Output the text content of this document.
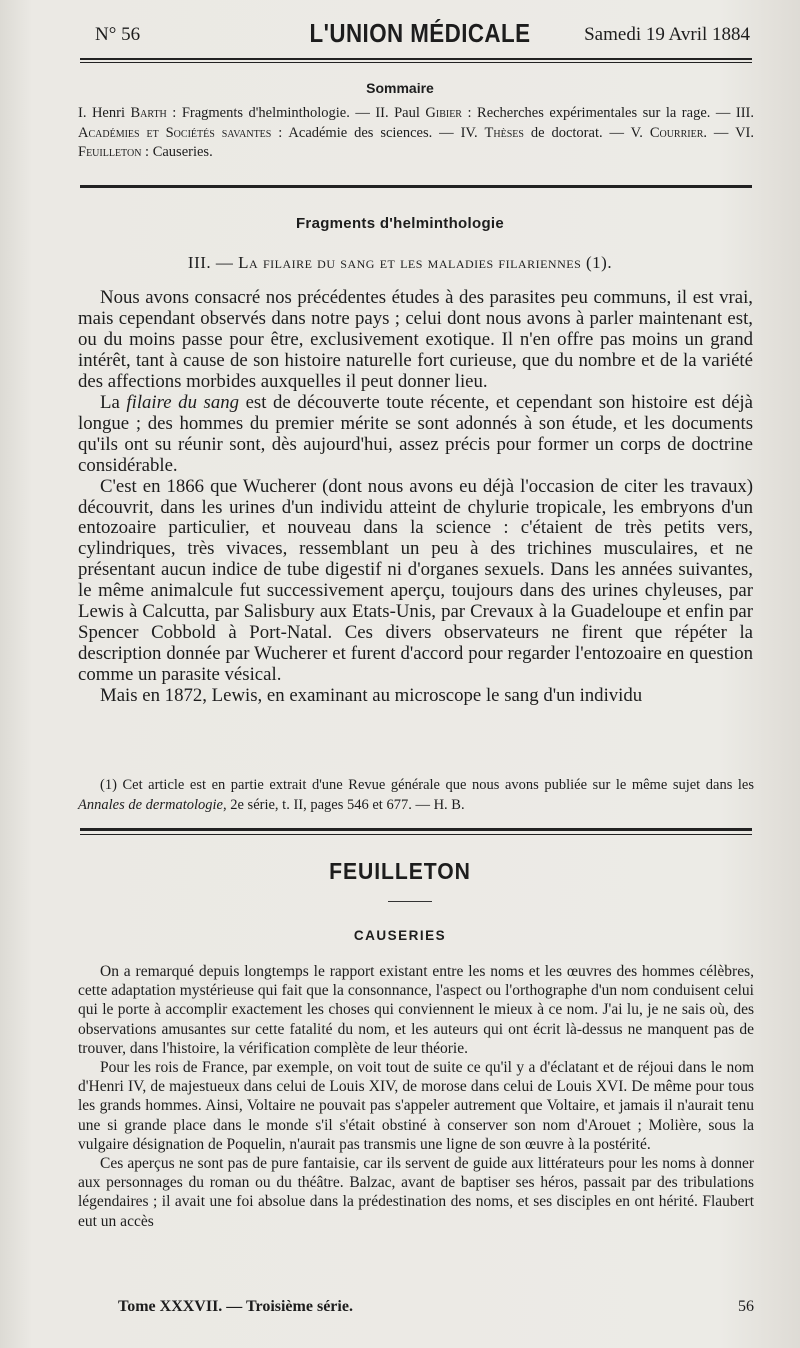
N° 56	L'UNION MÉDICALE	Samedi 19 Avril 1884
Sommaire
I. Henri Barth : Fragments d'helminthologie. — II. Paul Gibier : Recherches expérimentales sur la rage. — III. Académies et Sociétés savantes : Académie des sciences. — IV. Thèses de doctorat. — V. Courrier. — VI. Feuilleton : Causeries.
Fragments d'helminthologie
III. — La filaire du sang et les maladies filariennes (1).

Nous avons consacré nos précédentes études à des parasites peu communs, il est vrai, mais cependant observés dans notre pays ; celui dont nous avons à parler maintenant est, ou du moins passe pour être, exclusivement exotique. Il n'en offre pas moins un grand intérêt, tant à cause de son histoire naturelle fort curieuse, que du nombre et de la variété des affections morbides auxquelles il peut donner lieu.

La filaire du sang est de découverte toute récente, et cependant son histoire est déjà longue ; des hommes du premier mérite se sont adonnés à son étude, et les documents qu'ils ont su réunir sont, dès aujourd'hui, assez précis pour former un corps de doctrine considérable.

C'est en 1866 que Wucherer (dont nous avons eu déjà l'occasion de citer les travaux) découvrit, dans les urines d'un individu atteint de chylurie tropicale, les embryons d'un entozoaire particulier, et nouveau dans la science : c'étaient de très petits vers, cylindriques, très vivaces, ressemblant un peu à des trichines musculaires, et ne présentant aucun indice de tube digestif ni d'organes sexuels. Dans les années suivantes, le même animalcule fut successivement aperçu, toujours dans des urines chyleuses, par Lewis à Calcutta, par Salisbury aux Etats-Unis, par Crevaux à la Guadeloupe et enfin par Spencer Cobbold à Port-Natal. Ces divers observateurs ne firent que répéter la description donnée par Wucherer et furent d'accord pour regarder l'entozoaire en question comme un parasite vésical.

Mais en 1872, Lewis, en examinant au microscope le sang d'un individu

(1) Cet article est en partie extrait d'une Revue générale que nous avons publiée sur le même sujet dans les Annales de dermatologie, 2e série, t. II, pages 546 et 677. — H. B.

FEUILLETON
CAUSERIES

On a remarqué depuis longtemps le rapport existant entre les noms et les œuvres des hommes célèbres, cette adaptation mystérieuse qui fait que la consonnance, l'aspect ou l'orthographe d'un nom conduisent celui qui le porte à accomplir exactement les choses qui conviennent le mieux à ce nom. J'ai lu, je ne sais où, des observations amusantes sur cette fatalité du nom, et les auteurs qui ont écrit là-dessus ne manquent pas de trouver, dans l'histoire, la vérification complète de leur théorie.

Pour les rois de France, par exemple, on voit tout de suite ce qu'il y a d'éclatant et de réjoui dans le nom d'Henri IV, de majestueux dans celui de Louis XIV, de morose dans celui de Louis XVI. De même pour tous les grands hommes. Ainsi, Voltaire ne pouvait pas s'appeler autrement que Voltaire, et jamais il n'aurait tenu une si grande place dans le monde s'il s'était obstiné à conserver son nom d'Arouet ; Molière, sous la vulgaire désignation de Poquelin, n'aurait pas transmis une ligne de son œuvre à la postérité.

Ces aperçus ne sont pas de pure fantaisie, car ils servent de guide aux littérateurs pour les noms à donner aux personnages du roman ou du théâtre. Balzac, avant de baptiser ses héros, passait par des tribulations légendaires ; il avait une foi absolue dans la prédestination des noms, et ses disciples en ont hérité. Flaubert eut un accès

Tome XXXVII. — Troisième série.	56
